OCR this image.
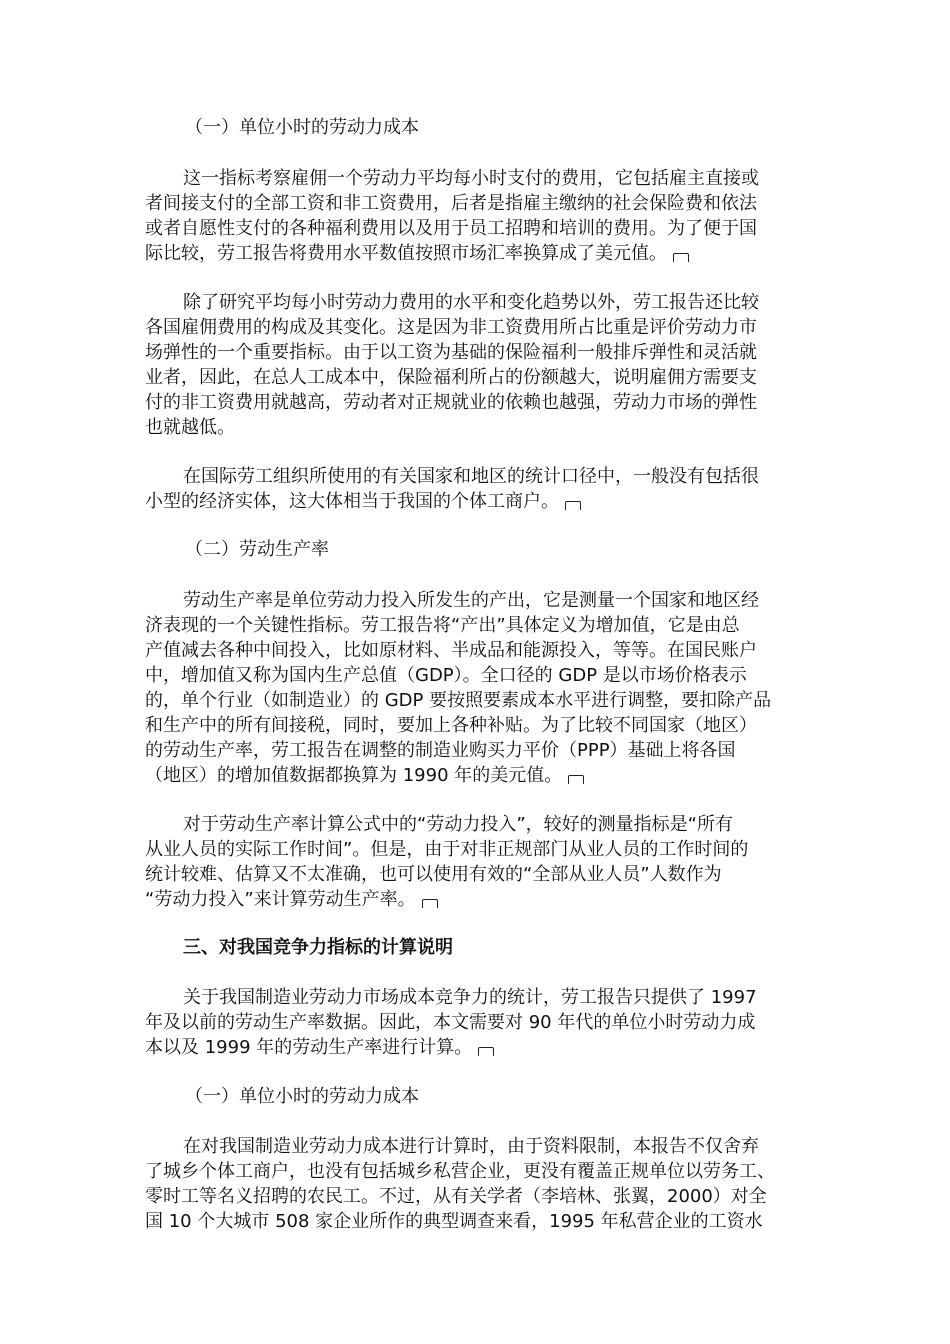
（一）单位小时的劳动力成本
这一指标考察雇佣一个劳动力平均每小时支付的费用，它包括雇主直接或
者间接支付的全部工资和非工资费用，后者是指雇主缴纳的社会保险费和依法
或者自愿性支付的各种福利费用以及用于员工招聘和培训的费用。为了便于国
际比较，劳工报告将费用水平数值按照市场汇率换算成了美元值。
除了研究平均每小时劳动力费用的水平和变化趋势以外，劳工报告还比较
各国雇佣费用的构成及其变化。这是因为非工资费用所占比重是评价劳动力市
场弹性的一个重要指标。由于以工资为基础的保险福利一般排斥弹性和灵活就
业者，因此，在总人工成本中，保险福利所占的份额越大，说明雇佣方需要支
付的非工资费用就越高，劳动者对正规就业的依赖也越强，劳动力市场的弹性
也就越低。
在国际劳工组织所使用的有关国家和地区的统计口径中，一般没有包括很
小型的经济实体，这大体相当于我国的个体工商户。
（二）劳动生产率
劳动生产率是单位劳动力投入所发生的产出，它是测量一个国家和地区经
济表现的一个关键性指标。劳工报告将“产出”具体定义为增加值，它是由总
产值减去各种中间投入，比如原材料、半成品和能源投入，等等。在国民账户
中，增加值又称为国内生产总值（GDP）。全口径的 GDP 是以市场价格表示
的，单个行业（如制造业）的 GDP 要按照要素成本水平进行调整，要扣除产品
和生产中的所有间接税，同时，要加上各种补贴。为了比较不同国家（地区）
的劳动生产率，劳工报告在调整的制造业购买力平价（PPP）基础上将各国
（地区）的增加值数据都换算为 1990 年的美元值。
对于劳动生产率计算公式中的“劳动力投入”，较好的测量指标是“所有
从业人员的实际工作时间”。但是，由于对非正规部门从业人员的工作时间的
统计较难、估算又不太准确，也可以使用有效的“全部从业人员”人数作为
“劳动力投入”来计算劳动生产率。
三、对我国竞争力指标的计算说明
关于我国制造业劳动力市场成本竞争力的统计，劳工报告只提供了 1997
年及以前的劳动生产率数据。因此，本文需要对 90 年代的单位小时劳动力成
本以及 1999 年的劳动生产率进行计算。
（一）单位小时的劳动力成本
在对我国制造业劳动力成本进行计算时，由于资料限制，本报告不仅舍弃
了城乡个体工商户，也没有包括城乡私营企业，更没有覆盖正规单位以劳务工、
零时工等名义招聘的农民工。不过，从有关学者（李培林、张翼，2000）对全
国 10 个大城市 508 家企业所作的典型调查来看，1995 年私营企业的工资水
